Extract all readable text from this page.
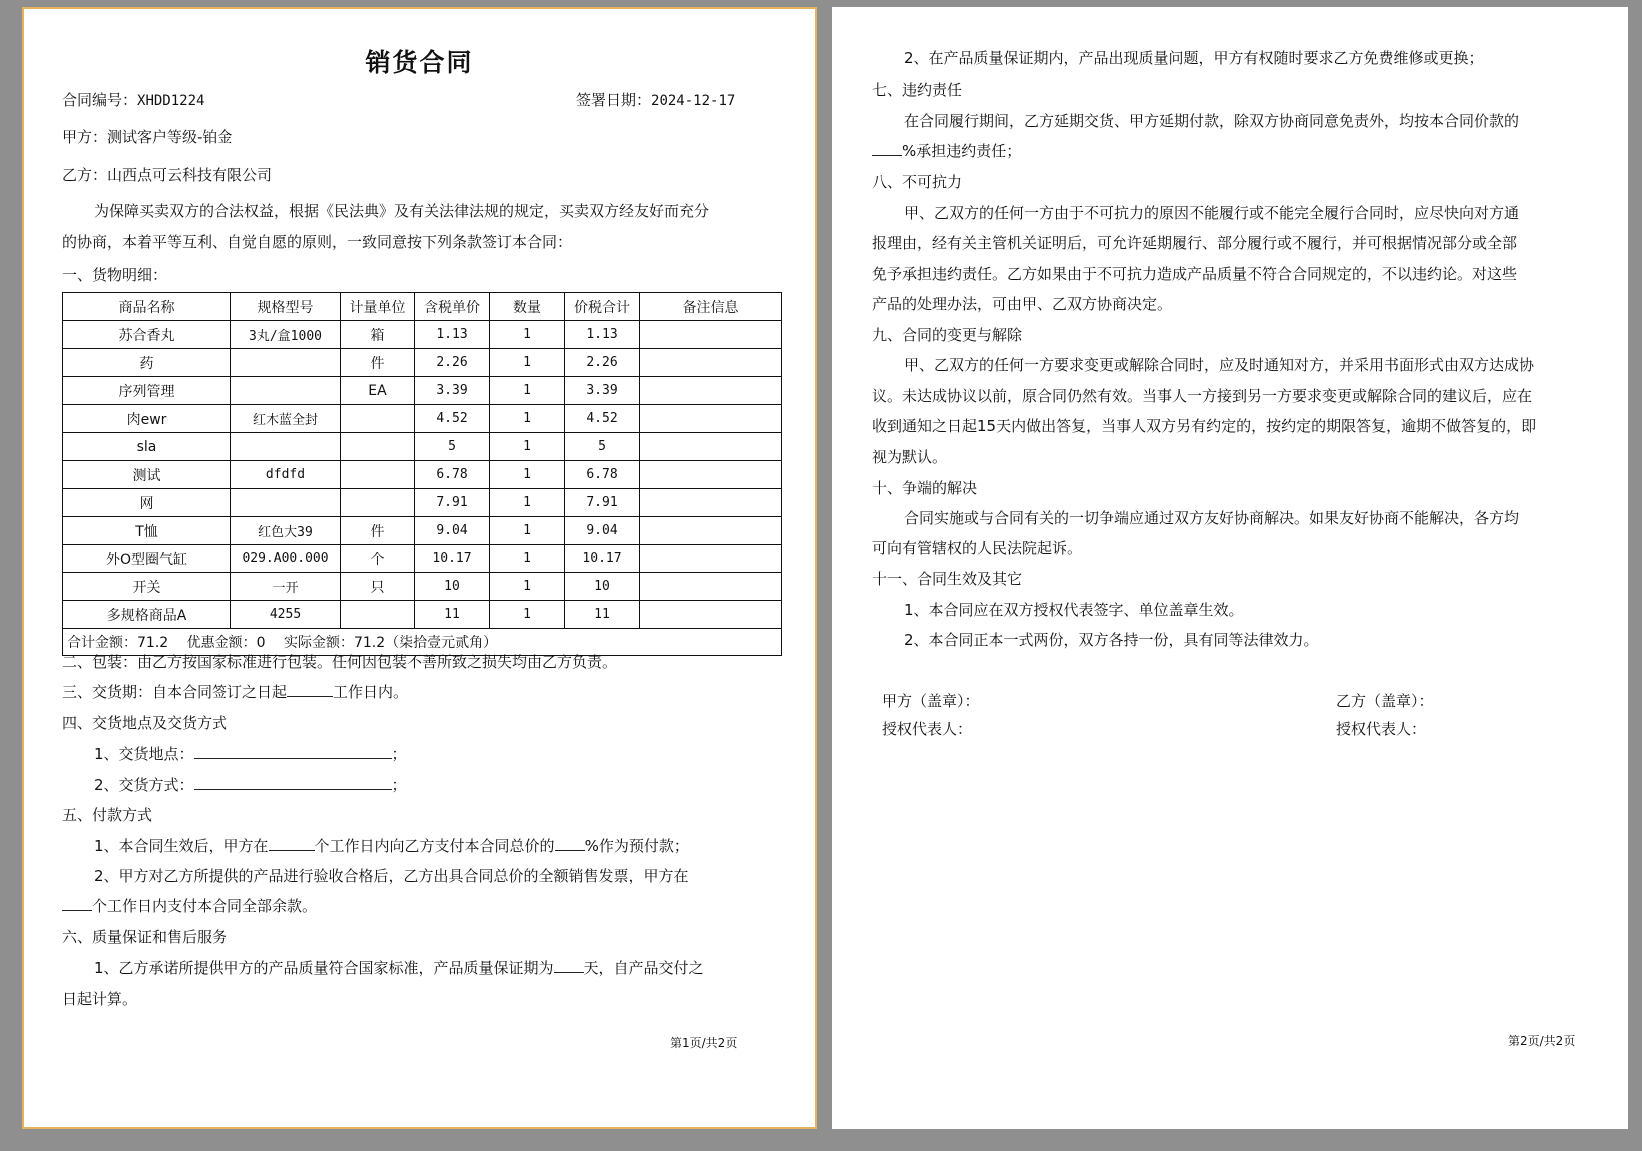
销货合同
合同编号：XHDD1224	签署日期：2024-12-17
甲方：测试客户等级-铂金
乙方：山西点可云科技有限公司
为保障买卖双方的合法权益，根据《民法典》及有关法律法规的规定，买卖双方经友好而充分
的协商，本着平等互利、自觉自愿的原则，一致同意按下列条款签订本合同：
一、货物明细：
商品名称	规格型号	计量单位	含税单价	数量	价税合计	备注信息
苏合香丸	3丸/盒1000	箱	1.13	1	1.13	
药		件	2.26	1	2.26	
序列管理		EA	3.39	1	3.39	
肉ewr	红木蓝全封		4.52	1	4.52	
sla			5	1	5	
测试	dfdfd		6.78	1	6.78	
网			7.91	1	7.91	
T恤	红色大39	件	9.04	1	9.04	
外O型圈气缸	029.A00.000	个	10.17	1	10.17	
开关	一开	只	10	1	10	
多规格商品A	4255		11	1	11	
合计金额：71.2　 优惠金额：0　 实际金额：71.2（柒拾壹元贰角）						
二、包装：由乙方按国家标准进行包装。任何因包装不善所致之损失均由乙方负责。
三、交货期：自本合同签订之日起	工作日内。
四、交货地点及交货方式
1、交货地点：	；
2、交货方式：	；
五、付款方式
1、本合同生效后，甲方在	个工作日内向乙方支付本合同总价的 %作为预付款；
2、甲方对乙方所提供的产品进行验收合格后，乙方出具合同总价的全额销售发票，甲方在
个工作日内支付本合同全部余款。
六、质量保证和售后服务
1、乙方承诺所提供甲方的产品质量符合国家标准，产品质量保证期为 天，自产品交付之
日起计算。
第1页/共2页
2、在产品质量保证期内，产品出现质量问题，甲方有权随时要求乙方免费维修或更换；
七、违约责任
在合同履行期间，乙方延期交货、甲方延期付款，除双方协商同意免责外，均按本合同价款的
%承担违约责任；
八、不可抗力
甲、乙双方的任何一方由于不可抗力的原因不能履行或不能完全履行合同时，应尽快向对方通
报理由，经有关主管机关证明后，可允许延期履行、部分履行或不履行，并可根据情况部分或全部
免予承担违约责任。乙方如果由于不可抗力造成产品质量不符合合同规定的，不以违约论。对这些
产品的处理办法，可由甲、乙双方协商决定。
九、合同的变更与解除
甲、乙双方的任何一方要求变更或解除合同时，应及时通知对方，并采用书面形式由双方达成协
议。未达成协议以前，原合同仍然有效。当事人一方接到另一方要求变更或解除合同的建议后，应在
收到通知之日起15天内做出答复，当事人双方另有约定的，按约定的期限答复，逾期不做答复的，即
视为默认。
十、争端的解决
合同实施或与合同有关的一切争端应通过双方友好协商解决。如果友好协商不能解决，各方均
可向有管辖权的人民法院起诉。
十一、合同生效及其它
1、本合同应在双方授权代表签字、单位盖章生效。
2、本合同正本一式两份，双方各持一份，具有同等法律效力。
甲方（盖章）：
授权代表人：
乙方（盖章）：
授权代表人：
第2页/共2页
